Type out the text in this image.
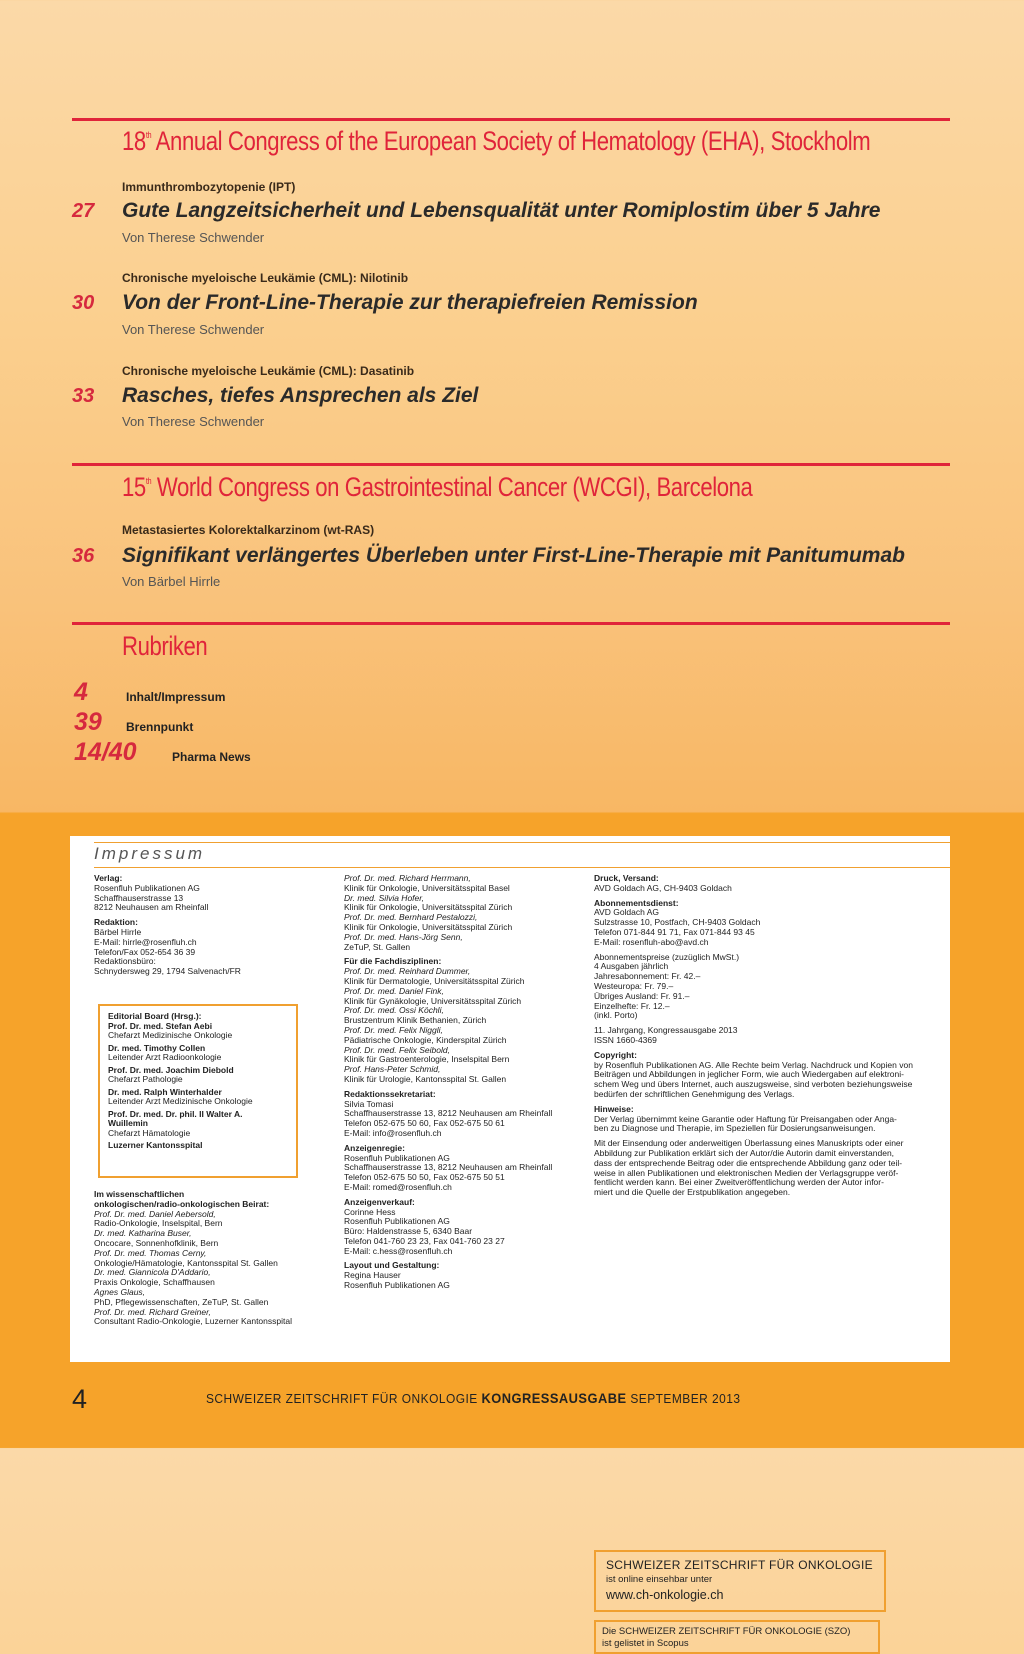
18th Annual Congress of the European Society of Hematology (EHA), Stockholm
Immunthrombozytopenie (IPT)
27 Gute Langzeitsicherheit und Lebensqualität unter Romiplostim über 5 Jahre
Von Therese Schwender
Chronische myeloische Leukämie (CML): Nilotinib
30 Von der Front-Line-Therapie zur therapiefreien Remission
Von Therese Schwender
Chronische myeloische Leukämie (CML): Dasatinib
33 Rasches, tiefes Ansprechen als Ziel
Von Therese Schwender
15th World Congress on Gastrointestinal Cancer (WCGI), Barcelona
Metastasiertes Kolorektalkarzinom (wt-RAS)
36 Signifikant verlängertes Überleben unter First-Line-Therapie mit Panitumumab
Von Bärbel Hirrle
Rubriken
4	Inhalt/Impressum
39 Brennpunkt
14/40	Pharma News
Impressum
Verlag:
Rosenfluh Publikationen AG
Schaffhauserstrasse 13
8212 Neuhausen am Rheinfall
Redaktion:
Bärbel Hirrle
E-Mail: hirrle@rosenfluh.ch
Telefon/Fax 052-654 36 39
Redaktionsbüro:
Schnydersweg 29, 1794 Salvenach/FR
Editorial Board (Hrsg.):
Prof. Dr. med. Stefan Aebi
Chefarzt Medizinische Onkologie
Dr. med. Timothy Collen
Leitender Arzt Radioonkologie
Prof. Dr. med. Joachim Diebold
Chefarzt Pathologie
Dr. med. Ralph Winterhalder
Leitender Arzt Medizinische Onkologie
Prof. Dr. med. Dr. phil. II Walter A.
Wuillemin
Chefarzt Hämatologie
Luzerner Kantonsspital
Im wissenschaftlichen
onkologischen/radio-onkologischen Beirat:
Prof. Dr. med. Daniel Aebersold,
Radio-Onkologie, Inselspital, Bern
Dr. med. Katharina Buser,
Oncocare, Sonnenhofklinik, Bern
Prof. Dr. med. Thomas Cerny,
Onkologie/Hämatologie, Kantonsspital St. Gallen
Dr. med. Giannicola D'Addario,
Praxis Onkologie, Schaffhausen
Agnes Glaus,
PhD, Pflegewissenschaften, ZeTuP, St. Gallen
Prof. Dr. med. Richard Greiner,
Consultant Radio-Onkologie, Luzerner Kantonsspital
Prof. Dr. med. Richard Herrmann,
Klinik für Onkologie, Universitätsspital Basel
Dr. med. Silvia Hofer,
Klinik für Onkologie, Universitätsspital Zürich
Prof. Dr. med. Bernhard Pestalozzi,
Klinik für Onkologie, Universitätsspital Zürich
Prof. Dr. med. Hans-Jörg Senn,
ZeTuP, St. Gallen
Für die Fachdisziplinen:
Prof. Dr. med. Reinhard Dummer,
Klinik für Dermatologie, Universitätsspital Zürich
Prof. Dr. med. Daniel Fink,
Klinik für Gynäkologie, Universitätsspital Zürich
Prof. Dr. med. Ossi Köchli,
Brustzentrum Klinik Bethanien, Zürich
Prof. Dr. med. Felix Niggli,
Pädiatrische Onkologie, Kinderspital Zürich
Prof. Dr. med. Felix Seibold,
Klinik für Gastroenterologie, Inselspital Bern
Prof. Hans-Peter Schmid,
Klinik für Urologie, Kantonsspital St. Gallen
Redaktionssekretariat:
Silvia Tomasi
Schaffhauserstrasse 13, 8212 Neuhausen am Rheinfall
Telefon 052-675 50 60, Fax 052-675 50 61
E-Mail: info@rosenfluh.ch
Anzeigenregie:
Rosenfluh Publikationen AG
Schaffhauserstrasse 13, 8212 Neuhausen am Rheinfall
Telefon 052-675 50 50, Fax 052-675 50 51
E-Mail: romed@rosenfluh.ch
Anzeigenverkauf:
Corinne Hess
Rosenfluh Publikationen AG
Büro: Haldenstrasse 5, 6340 Baar
Telefon 041-760 23 23, Fax 041-760 23 27
E-Mail: c.hess@rosenfluh.ch
Layout und Gestaltung:
Regina Hauser
Rosenfluh Publikationen AG
Druck, Versand:
AVD Goldach AG, CH-9403 Goldach
Abonnementsdienst:
AVD Goldach AG
Sulzstrasse 10, Postfach, CH-9403 Goldach
Telefon 071-844 91 71, Fax 071-844 93 45
E-Mail: rosenfluh-abo@avd.ch
Abonnementspreise (zuzüglich MwSt.)
4 Ausgaben jährlich
Jahresabonnement: Fr. 42.–
Westeuropa: Fr. 79.–
Übriges Ausland: Fr. 91.–
Einzelhefte: Fr. 12.–
(inkl. Porto)
11. Jahrgang, Kongressausgabe 2013
ISSN 1660-4369
Copyright:
by Rosenfluh Publikationen AG. Alle Rechte beim Verlag. Nachdruck und Kopien von
Beiträgen und Abbildungen in jeglicher Form, wie auch Wiedergaben auf elektroni-
schem Weg und übers Internet, auch auszugsweise, sind verboten beziehungsweise
bedürfen der schriftlichen Genehmigung des Verlags.
Hinweise:
Der Verlag übernimmt keine Garantie oder Haftung für Preisangaben oder Anga-
ben zu Diagnose und Therapie, im Speziellen für Dosierungsanweisungen.
Mit der Einsendung oder anderweitigen Überlassung eines Manuskripts oder einer
Abbildung zur Publikation erklärt sich der Autor/die Autorin damit einverstanden,
dass der entsprechende Beitrag oder die entsprechende Abbildung ganz oder teil-
weise in allen Publikationen und elektronischen Medien der Verlagsgruppe veröf-
fentlicht werden kann. Bei einer Zweitveröffentlichung werden der Autor infor-
miert und die Quelle der Erstpublikation angegeben.
SCHWEIZER ZEITSCHRIFT FÜR ONKOLOGIE
ist online einsehbar unter
www.ch-onkologie.ch
Die SCHWEIZER ZEITSCHRIFT FÜR ONKOLOGIE (SZO)
ist gelistet in Scopus
4	SCHWEIZER ZEITSCHRIFT FÜR ONKOLOGIE KONGRESSAUSGABE SEPTEMBER 2013
